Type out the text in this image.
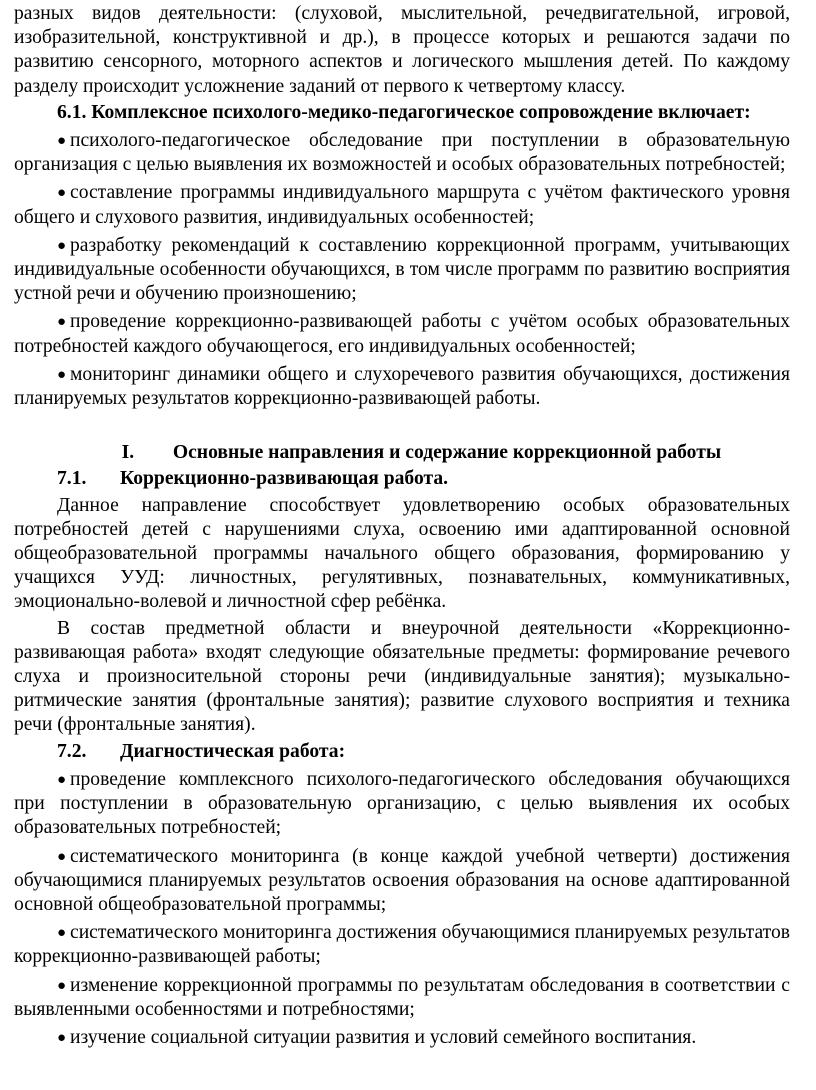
разных видов деятельности: (слуховой, мыслительной, речедвигательной, игровой, изобразительной, конструктивной и др.), в процессе которых и решаются задачи по развитию сенсорного, моторного аспектов и логического мышления детей. По каждому разделу происходит усложнение заданий от первого к четвертому классу.

6.1. Комплексное психолого-медико-педагогическое сопровождение включает:

● психолого-педагогическое обследование при поступлении в образовательную организация с целью выявления их возможностей и особых образовательных потребностей;

● составление программы индивидуального маршрута с учётом фактического уровня общего и слухового развития, индивидуальных особенностей;

● разработку рекомендаций к составлению коррекционной программ, учитывающих индивидуальные особенности обучающихся, в том числе программ по развитию восприятия устной речи и обучению произношению;

● проведение коррекционно-развивающей работы с учётом особых образовательных потребностей каждого обучающегося, его индивидуальных особенностей;

● мониторинг динамики общего и слухоречевого развития обучающихся, достижения планируемых результатов коррекционно-развивающей работы.

I. Основные направления и содержание коррекционной работы

7.1. Коррекционно-развивающая работа.

Данное направление способствует удовлетворению особых образовательных потребностей детей с нарушениями слуха, освоению ими адаптированной основной общеобразовательной программы начального общего образования, формированию у учащихся УУД: личностных, регулятивных, познавательных, коммуникативных, эмоционально-волевой и личностной сфер ребёнка.

В состав предметной области и внеурочной деятельности «Коррекционно-развивающая работа» входят следующие обязательные предметы: формирование речевого слуха и произносительной стороны речи (индивидуальные занятия); музыкально-ритмические занятия (фронтальные занятия); развитие слухового восприятия и техника речи (фронтальные занятия).

7.2. Диагностическая работа:

● проведение комплексного психолого-педагогического обследования обучающихся при поступлении в образовательную организацию, с целью выявления их особых образовательных потребностей;

● систематического мониторинга (в конце каждой учебной четверти) достижения обучающимися планируемых результатов освоения образования на основе адаптированной основной общеобразовательной программы;

● систематического мониторинга достижения обучающимися планируемых результатов коррекционно-развивающей работы;

● изменение коррекционной программы по результатам обследования в соответствии с выявленными особенностями и потребностями;

● изучение социальной ситуации развития и условий семейного воспитания.
